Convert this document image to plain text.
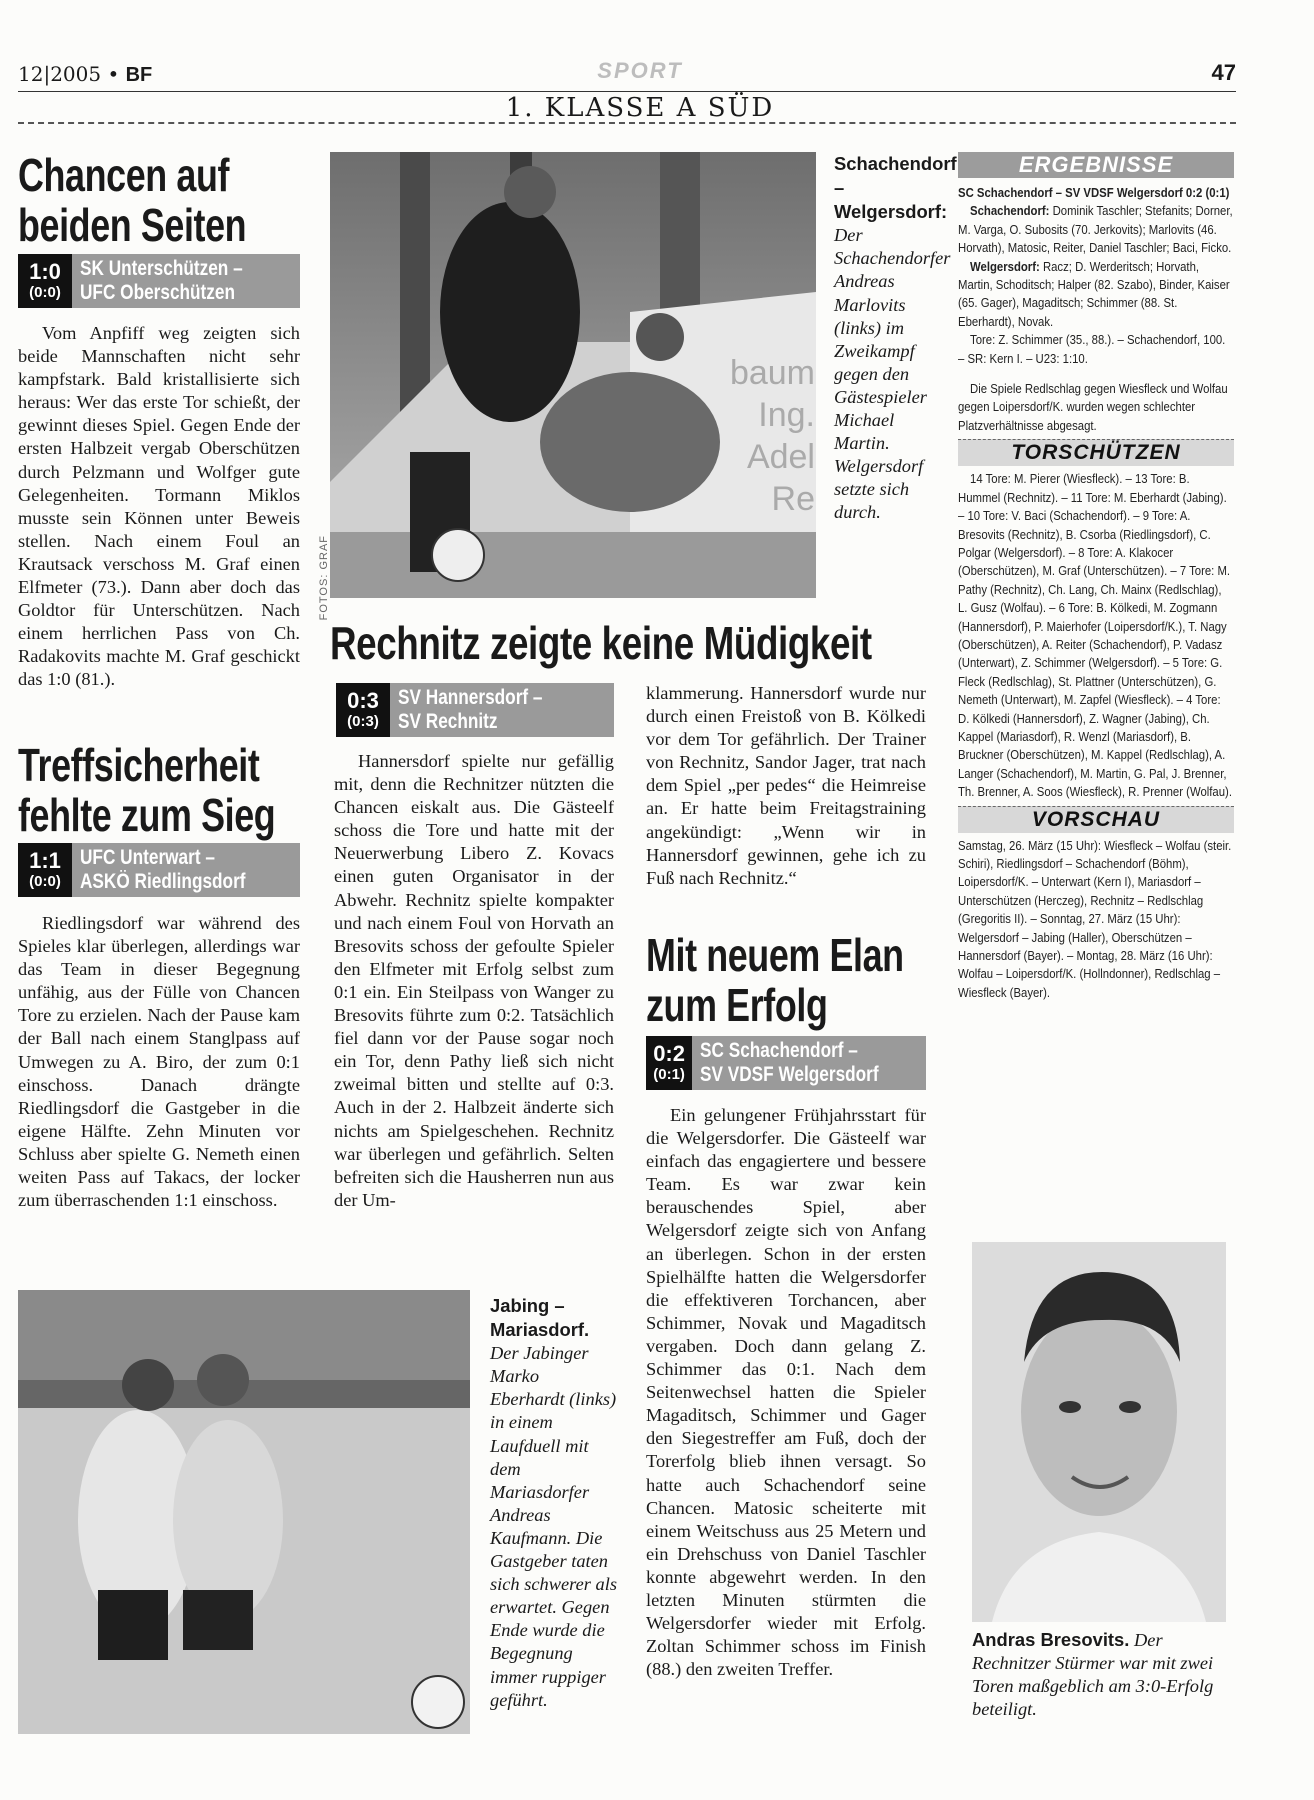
12|2005 • BF	SPORT	47
1. KLASSE A SÜD
Chancen auf
beiden Seiten
1:0
(0:0)
SK Unterschützen –
UFC Oberschützen

Vom Anpfiff weg zeigten sich beide Mannschaften nicht sehr kampfstark. Bald kristallisierte sich heraus: Wer das erste Tor schießt, der gewinnt dieses Spiel. Gegen Ende der ersten Halbzeit vergab Oberschützen durch Pelzmann und Wolfger gute Gelegenheiten. Tormann Miklos musste sein Können unter Beweis stellen. Nach einem Foul an Krautsack verschoss M. Graf einen Elfmeter (73.). Dann aber doch das Goldtor für Unterschützen. Nach einem herrlichen Pass von Ch. Radakovits machte M. Graf geschickt das 1:0 (81.).

Treffsicherheit
fehlte zum Sieg
1:1
(0:0)
UFC Unterwart –
ASKÖ Riedlingsdorf

Riedlingsdorf war während des Spieles klar überlegen, allerdings war das Team in dieser Begegnung unfähig, aus der Fülle von Chancen Tore zu erzielen. Nach der Pause kam der Ball nach einem Stanglpass auf Umwegen zu A. Biro, der zum 0:1 einschoss. Danach drängte Riedlingsdorf die Gastgeber in die eigene Hälfte. Zehn Minuten vor Schluss aber spielte G. Nemeth einen weiten Pass auf Takacs, der locker zum überraschenden 1:1 einschoss.

baum
Ing.
Adel
Re
FOTOS: GRAF
Schachendorf – Welgersdorf: Der Schachendorfer Andreas Marlovits (links) im Zweikampf gegen den Gästespieler Michael Martin. Welgersdorf setzte sich durch.
Rechnitz zeigte keine Müdigkeit
0:3
(0:3)
SV Hannersdorf –
SV Rechnitz

Hannersdorf spielte nur gefällig mit, denn die Rechnitzer nützten die Chancen eiskalt aus. Die Gästeelf schoss die Tore und hatte mit der Neuerwerbung Libero Z. Kovacs einen guten Organisator in der Abwehr. Rechnitz spielte kompakter und nach einem Foul von Horvath an Bresovits schoss der gefoulte Spieler den Elfmeter mit Erfolg selbst zum 0:1 ein. Ein Steilpass von Wanger zu Bresovits führte zum 0:2. Tatsächlich fiel dann vor der Pause sogar noch ein Tor, denn Pathy ließ sich nicht zweimal bitten und stellte auf 0:3. Auch in der 2. Halbzeit änderte sich nichts am Spielgeschehen. Rechnitz war überlegen und gefährlich. Selten befreiten sich die Hausherren nun aus der Um-

klammerung. Hannersdorf wurde nur durch einen Freistoß von B. Kölkedi vor dem Tor gefährlich. Der Trainer von Rechnitz, Sandor Jager, trat nach dem Spiel „per pedes“ die Heimreise an. Er hatte beim Freitagstraining angekündigt: „Wenn wir in Hannersdorf gewinnen, gehe ich zu Fuß nach Rechnitz.“

Mit neuem Elan
zum Erfolg
0:2
(0:1)
SC Schachendorf –
SV VDSF Welgersdorf

Ein gelungener Frühjahrsstart für die Welgersdorfer. Die Gästeelf war einfach das engagiertere und bessere Team. Es war zwar kein berauschendes Spiel, aber Welgersdorf zeigte sich von Anfang an überlegen. Schon in der ersten Spielhälfte hatten die Welgersdorfer die effektiveren Torchancen, aber Schimmer, Novak und Magaditsch vergaben. Doch dann gelang Z. Schimmer das 0:1. Nach dem Seitenwechsel hatten die Spieler Magaditsch, Schimmer und Gager den Siegestreffer am Fuß, doch der Torerfolg blieb ihnen versagt. So hatte auch Schachendorf seine Chancen. Matosic scheiterte mit einem Weitschuss aus 25 Metern und ein Drehschuss von Daniel Taschler konnte abgewehrt werden. In den letzten Minuten stürmten die Welgersdorfer wieder mit Erfolg. Zoltan Schimmer schoss im Finish (88.) den zweiten Treffer.

Jabing – Mariasdorf. Der Jabinger Marko Eberhardt (links) in einem Laufduell mit dem Mariasdorfer Andreas Kaufmann. Die Gastgeber taten sich schwerer als erwartet. Gegen Ende wurde die Begegnung immer ruppiger geführt.
ERGEBNISSE

SC Schachendorf – SV VDSF Welgersdorf 0:2 (0:1)

Schachendorf: Dominik Taschler; Stefanits; Dorner, M. Varga, O. Subosits (70. Jerkovits); Marlovits (46. Horvath), Matosic, Reiter, Daniel Taschler; Baci, Ficko.

Welgersdorf: Racz; D. Werderitsch; Horvath, Martin, Schoditsch; Halper (82. Szabo), Binder, Kaiser (65. Gager), Magaditsch; Schimmer (88. St. Eberhardt), Novak.

Tore: Z. Schimmer (35., 88.). – Schachendorf, 100. – SR: Kern I. – U23: 1:10.

Die Spiele Redlschlag gegen Wiesfleck und Wolfau gegen Loipersdorf/K. wurden wegen schlechter Platzverhältnisse abgesagt.

TORSCHÜTZEN

14 Tore: M. Pierer (Wiesfleck). – 13 Tore: B. Hummel (Rechnitz). – 11 Tore: M. Eberhardt (Jabing). – 10 Tore: V. Baci (Schachendorf). – 9 Tore: A. Bresovits (Rechnitz), B. Csorba (Riedlingsdorf), C. Polgar (Welgersdorf). – 8 Tore: A. Klakocer (Oberschützen), M. Graf (Unterschützen). – 7 Tore: M. Pathy (Rechnitz), Ch. Lang, Ch. Mainx (Redlschlag), L. Gusz (Wolfau). – 6 Tore: B. Kölkedi, M. Zogmann (Hannersdorf), P. Maierhofer (Loipersdorf/K.), T. Nagy (Oberschützen), A. Reiter (Schachendorf), P. Vadasz (Unterwart), Z. Schimmer (Welgersdorf). – 5 Tore: G. Fleck (Redlschlag), St. Plattner (Unterschützen), G. Nemeth (Unterwart), M. Zapfel (Wiesfleck). – 4 Tore: D. Kölkedi (Hannersdorf), Z. Wagner (Jabing), Ch. Kappel (Mariasdorf), R. Wenzl (Mariasdorf), B. Bruckner (Oberschützen), M. Kappel (Redlschlag), A. Langer (Schachendorf), M. Martin, G. Pal, J. Brenner, Th. Brenner, A. Soos (Wiesfleck), R. Prenner (Wolfau).

VORSCHAU

Samstag, 26. März (15 Uhr): Wiesfleck – Wolfau (steir. Schiri), Riedlingsdorf – Schachendorf (Böhm), Loipersdorf/K. – Unterwart (Kern I), Mariasdorf – Unterschützen (Herczeg), Rechnitz – Redlschlag (Gregoritis II). – Sonntag, 27. März (15 Uhr): Welgersdorf – Jabing (Haller), Oberschützen – Hannersdorf (Bayer). – Montag, 28. März (16 Uhr): Wolfau – Loipersdorf/K. (Hollndonner), Redlschlag – Wiesfleck (Bayer).

Andras Bresovits. Der Rechnitzer Stürmer war mit zwei Toren maßgeblich am 3:0-Erfolg beteiligt.
